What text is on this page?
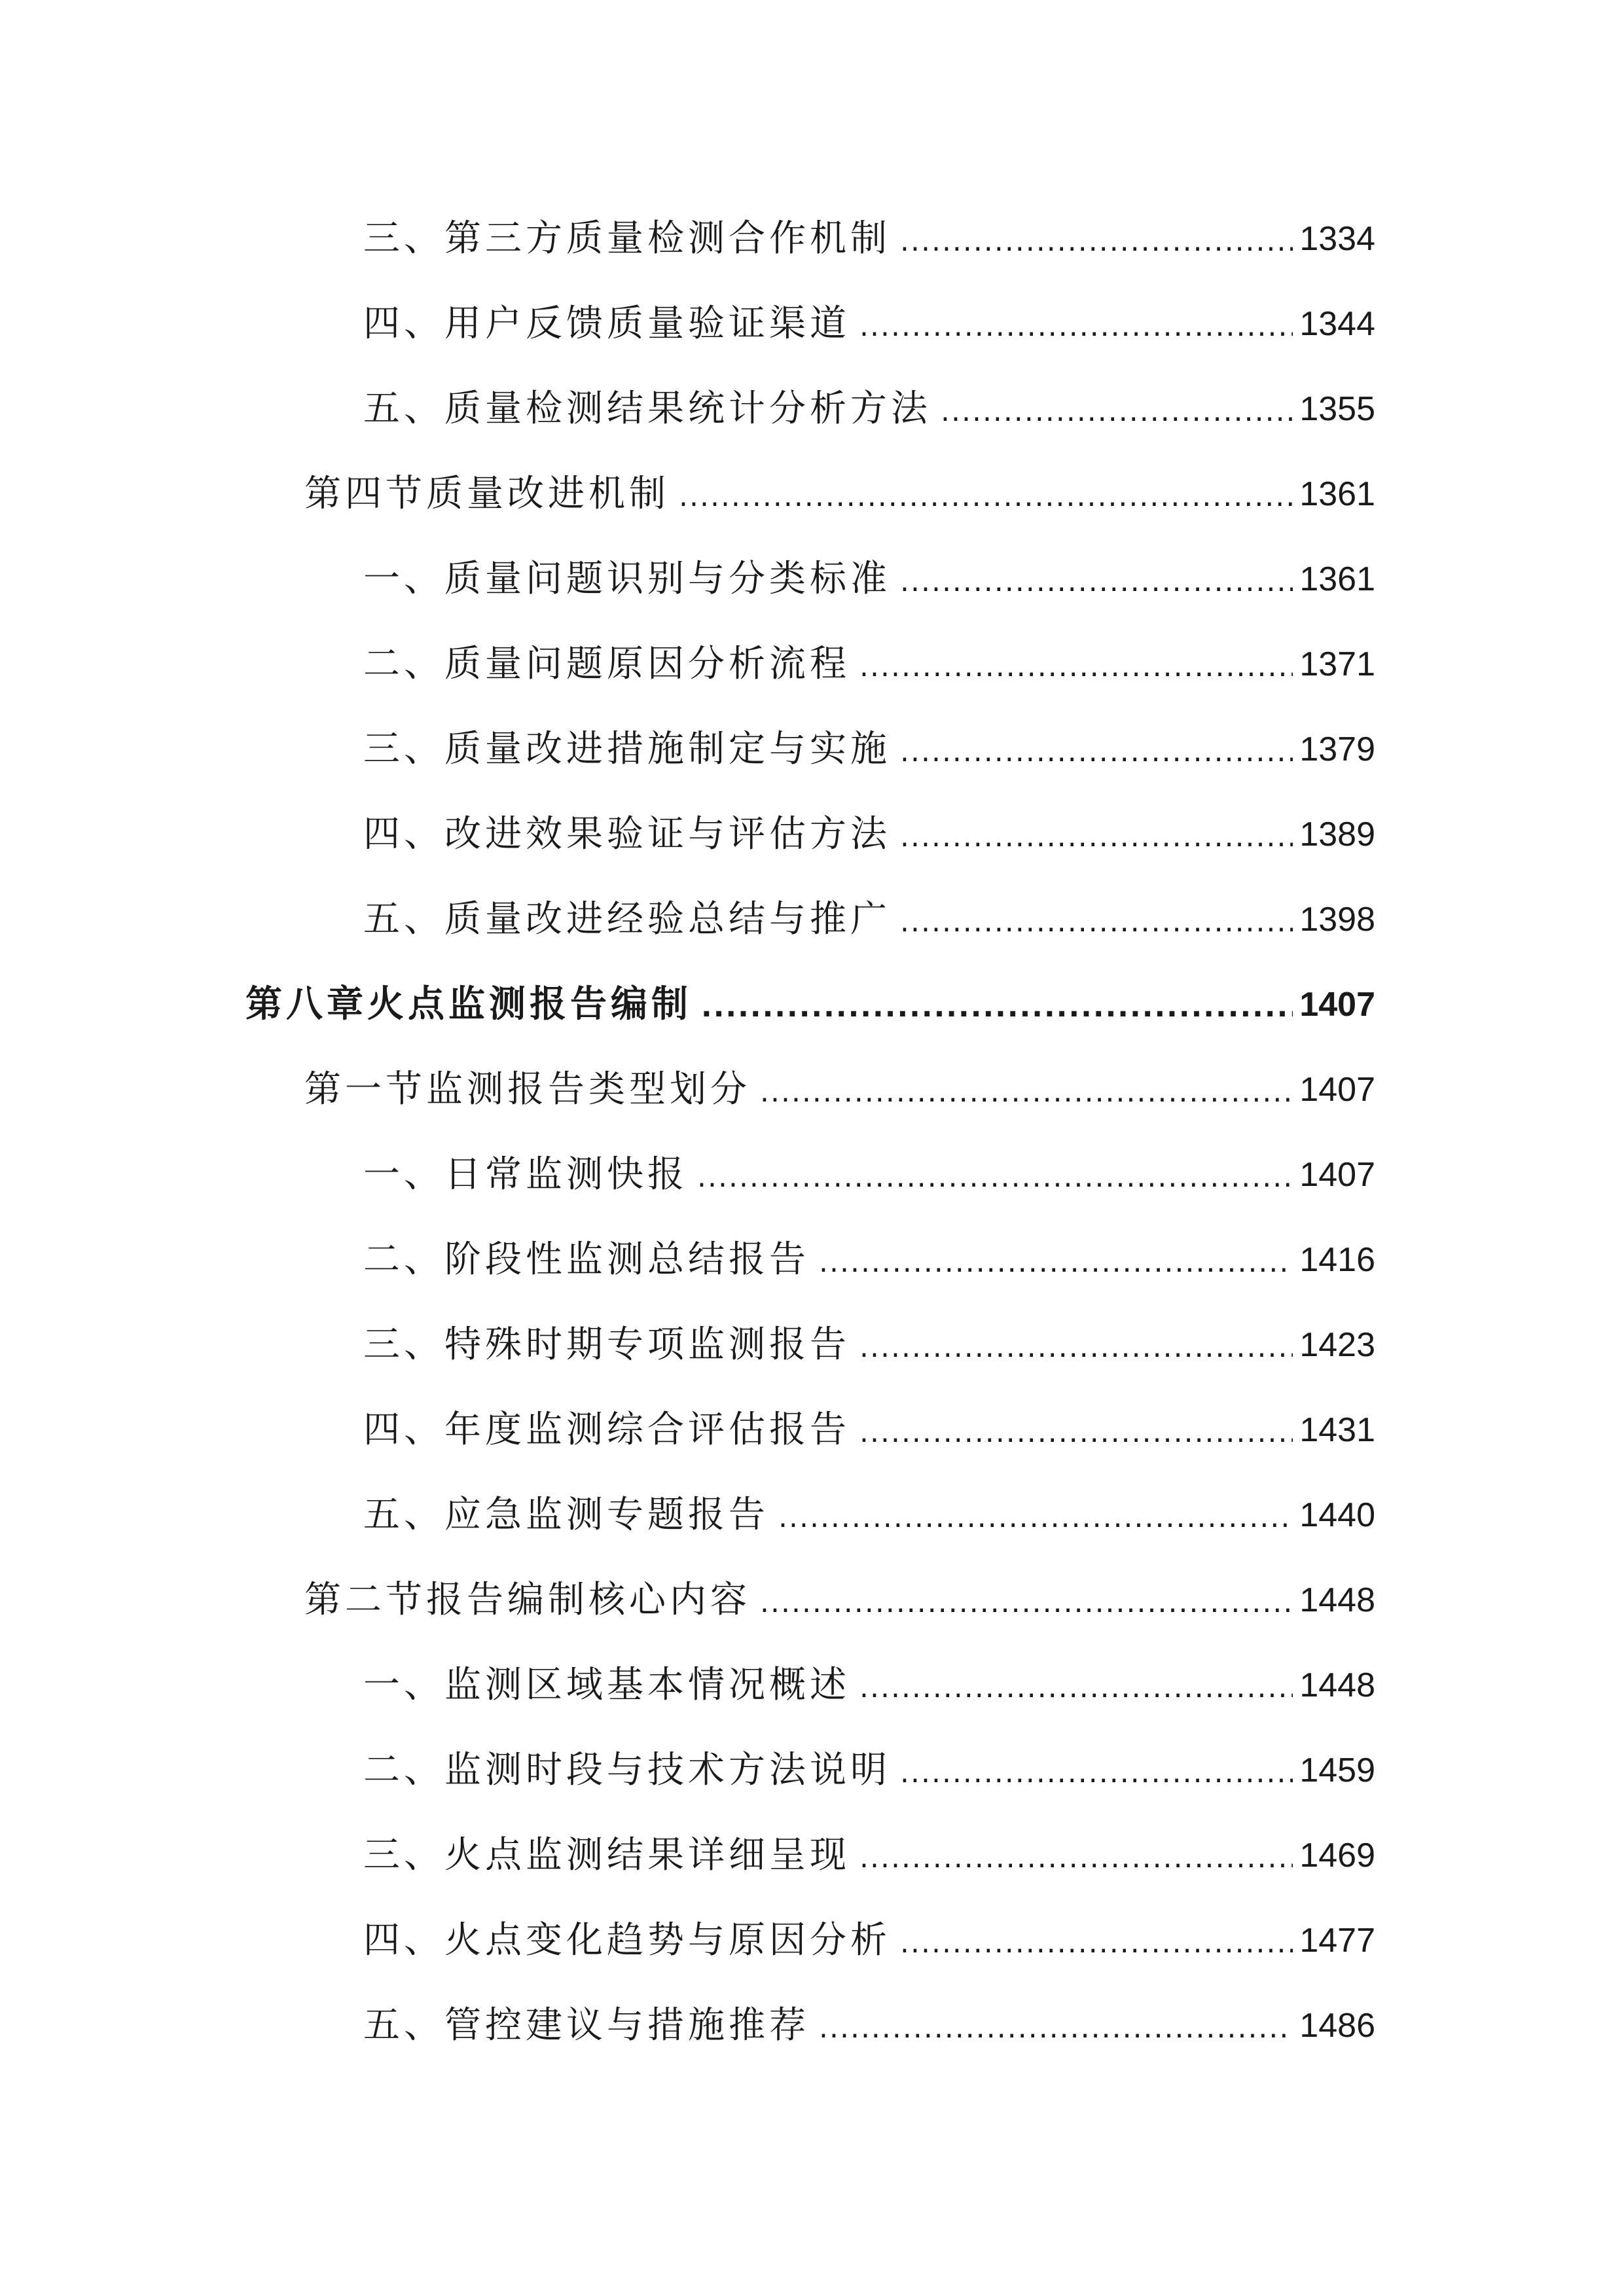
三、第三方质量检测合作机制 .....	1334
四、用户反馈质量验证渠道 .....	1344
五、质量检测结果统计分析方法 .....	1355
第四节质量改进机制 .....	1361
一、质量问题识别与分类标准 .....	1361
二、质量问题原因分析流程 .....	1371
三、质量改进措施制定与实施 .....	1379
四、改进效果验证与评估方法 .....	1389
五、质量改进经验总结与推广 .....	1398
第八章火点监测报告编制 .....	1407
第一节监测报告类型划分 .....	1407
一、日常监测快报 .....	1407
二、阶段性监测总结报告 .....	1416
三、特殊时期专项监测报告 .....	1423
四、年度监测综合评估报告 .....	1431
五、应急监测专题报告 .....	1440
第二节报告编制核心内容 .....	1448
一、监测区域基本情况概述 .....	1448
二、监测时段与技术方法说明 .....	1459
三、火点监测结果详细呈现 .....	1469
四、火点变化趋势与原因分析 .....	1477
五、管控建议与措施推荐 .....	1486
